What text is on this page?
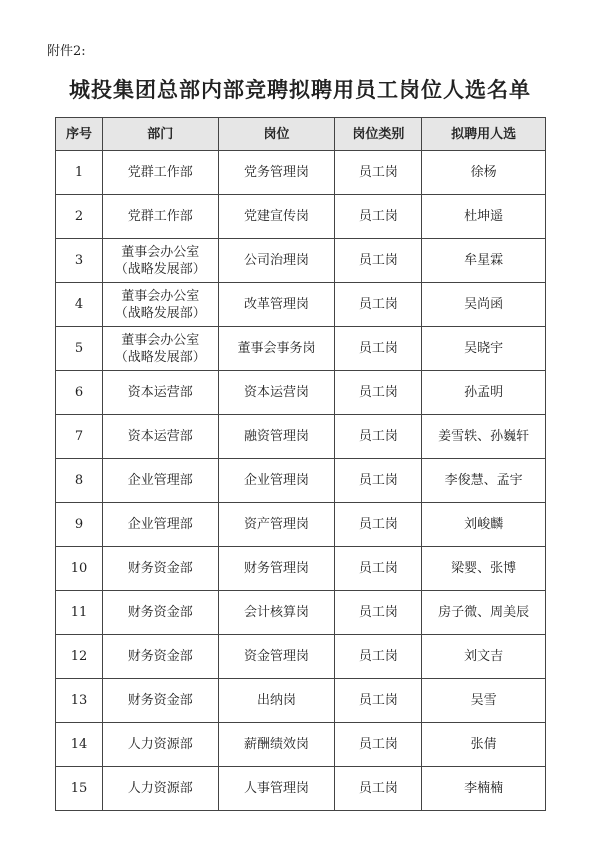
附件2:
城投集团总部内部竞聘拟聘用员工岗位人选名单
序号	部门	岗位	岗位类别	拟聘用人选
1	党群工作部	党务管理岗	员工岗	徐杨
2	党群工作部	党建宣传岗	员工岗	杜坤遥
3	董事会办公室
（战略发展部）	公司治理岗	员工岗	牟星霖
4	董事会办公室
（战略发展部）	改革管理岗	员工岗	吴尚函
5	董事会办公室
（战略发展部）	董事会事务岗	员工岗	吴晓宇
6	资本运营部	资本运营岗	员工岗	孙孟明
7	资本运营部	融资管理岗	员工岗	姜雪轶、孙巍轩
8	企业管理部	企业管理岗	员工岗	李俊慧、孟宇
9	企业管理部	资产管理岗	员工岗	刘峻麟
10	财务资金部	财务管理岗	员工岗	梁婴、张博
11	财务资金部	会计核算岗	员工岗	房子微、周美辰
12	财务资金部	资金管理岗	员工岗	刘文吉
13	财务资金部	出纳岗	员工岗	吴雪
14	人力资源部	薪酬绩效岗	员工岗	张倩
15	人力资源部	人事管理岗	员工岗	李楠楠
